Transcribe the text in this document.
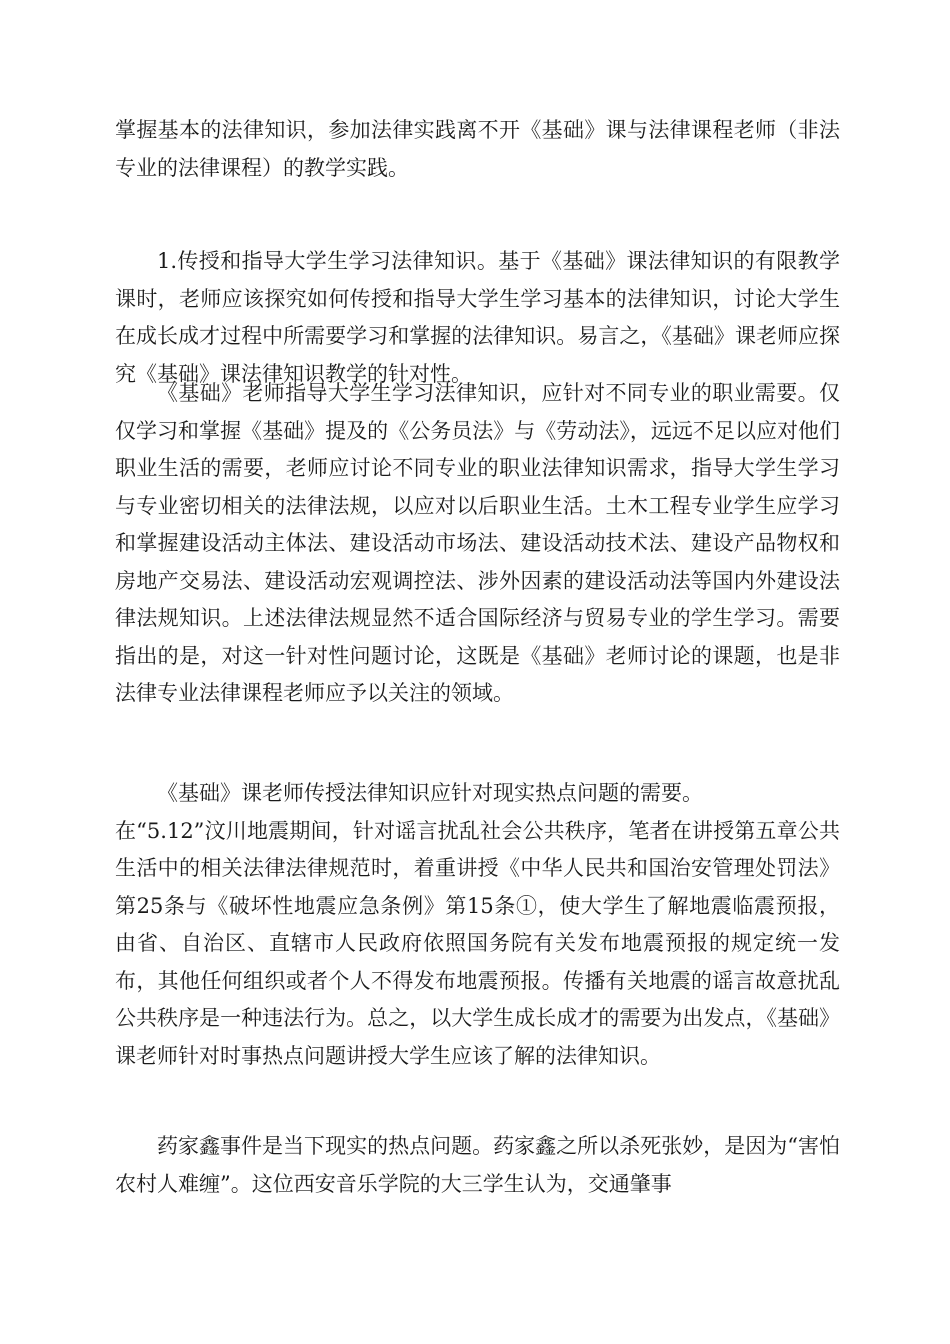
掌握基本的法律知识，参加法律实践离不开《基础》课与法律课程老师（非法专业的法律课程）的教学实践。

1.传授和指导大学生学习法律知识。基于《基础》课法律知识的有限教学课时，老师应该探究如何传授和指导大学生学习基本的法律知识，讨论大学生在成长成才过程中所需要学习和掌握的法律知识。易言之，《基础》课老师应探究《基础》课法律知识教学的针对性。

《基础》老师指导大学生学习法律知识，应针对不同专业的职业需要。仅仅学习和掌握《基础》提及的《公务员法》与《劳动法》，远远不足以应对他们职业生活的需要，老师应讨论不同专业的职业法律知识需求，指导大学生学习与专业密切相关的法律法规，以应对以后职业生活。土木工程专业学生应学习和掌握建设活动主体法、建设活动市场法、建设活动技术法、建设产品物权和房地产交易法、建设活动宏观调控法、涉外因素的建设活动法等国内外建设法律法规知识。上述法律法规显然不适合国际经济与贸易专业的学生学习。需要指出的是，对这一针对性问题讨论，这既是《基础》老师讨论的课题，也是非法律专业法律课程老师应予以关注的领域。

《基础》课老师传授法律知识应针对现实热点问题的需要。

在“5.12”汶川地震期间，针对谣言扰乱社会公共秩序，笔者在讲授第五章公共生活中的相关法律法律规范时，着重讲授《中华人民共和国治安管理处罚法》第25条与《破坏性地震应急条例》第15条①，使大学生了解地震临震预报，由省、自治区、直辖市人民政府依照国务院有关发布地震预报的规定统一发布，其他任何组织或者个人不得发布地震预报。传播有关地震的谣言故意扰乱公共秩序是一种违法行为。总之，以大学生成长成才的需要为出发点，《基础》课老师针对时事热点问题讲授大学生应该了解的法律知识。

药家鑫事件是当下现实的热点问题。药家鑫之所以杀死张妙，是因为“害怕农村人难缠”。这位西安音乐学院的大三学生认为，交通肇事
